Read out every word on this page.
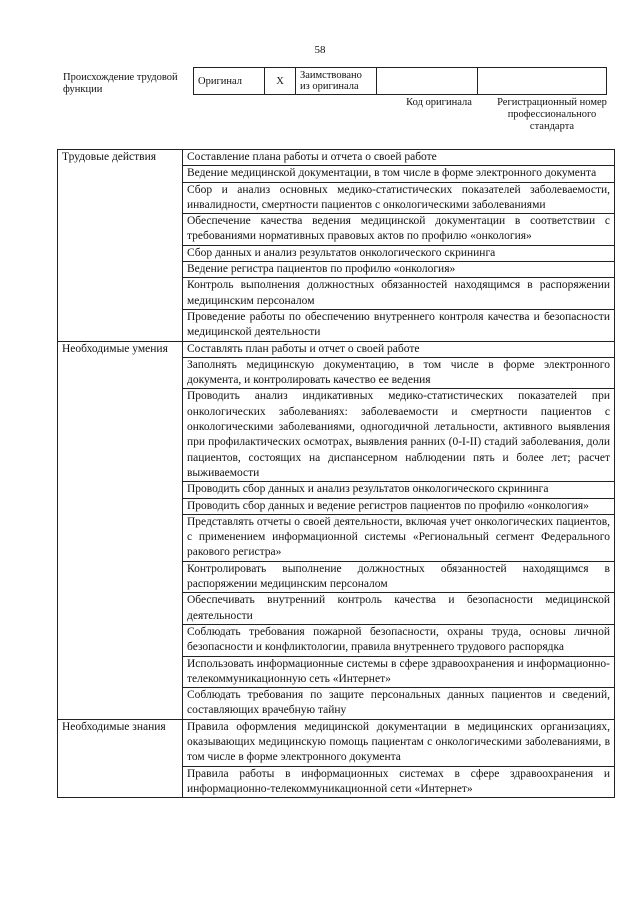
58
Происхождение трудовой функции
Оригинал	X	Заимствовано из оригинала		
Код оригинала	Регистрационный номер профессионального стандарта
Трудовые действия	Составление плана работы и отчета о своей работе
	Ведение медицинской документации, в том числе в форме электронного документа
	Сбор и анализ основных медико-статистических показателей заболеваемости, инвалидности, смертности пациентов с онкологическими заболеваниями
	Обеспечение качества ведения медицинской документации в соответствии с требованиями нормативных правовых актов по профилю «онкология»
	Сбор данных и анализ результатов онкологического скрининга
	Ведение регистра пациентов по профилю «онкология»
	Контроль выполнения должностных обязанностей находящимся в распоряжении медицинским персоналом
	Проведение работы по обеспечению внутреннего контроля качества и безопасности медицинской деятельности
Необходимые умения	Составлять план работы и отчет о своей работе
	Заполнять медицинскую документацию, в том числе в форме электронного документа, и контролировать качество ее ведения
	Проводить анализ индикативных медико-статистических показателей при онкологических заболеваниях: заболеваемости и смертности пациентов с онкологическими заболеваниями, одногодичной летальности, активного выявления при профилактических осмотрах, выявления ранних (0-I-II) стадий заболевания, доли пациентов, состоящих на диспансерном наблюдении пять и более лет; расчет выживаемости
	Проводить сбор данных и анализ результатов онкологического скрининга
	Проводить сбор данных и ведение регистров пациентов по профилю «онкология»
	Представлять отчеты о своей деятельности, включая учет онкологических пациентов, с применением информационной системы «Региональный сегмент Федерального ракового регистра»
	Контролировать выполнение должностных обязанностей находящимся в распоряжении медицинским персоналом
	Обеспечивать внутренний контроль качества и безопасности медицинской деятельности
	Соблюдать требования пожарной безопасности, охраны труда, основы личной безопасности и конфликтологии, правила внутреннего трудового распорядка
	Использовать информационные системы в сфере здравоохранения и информационно-телекоммуникационную сеть «Интернет»
	Соблюдать требования по защите персональных данных пациентов и сведений, составляющих врачебную тайну
Необходимые знания	Правила оформления медицинской документации в медицинских организациях, оказывающих медицинскую помощь пациентам с онкологическими заболеваниями, в том числе в форме электронного документа
	Правила работы в информационных системах в сфере здравоохранения и информационно-телекоммуникационной сети «Интернет»
